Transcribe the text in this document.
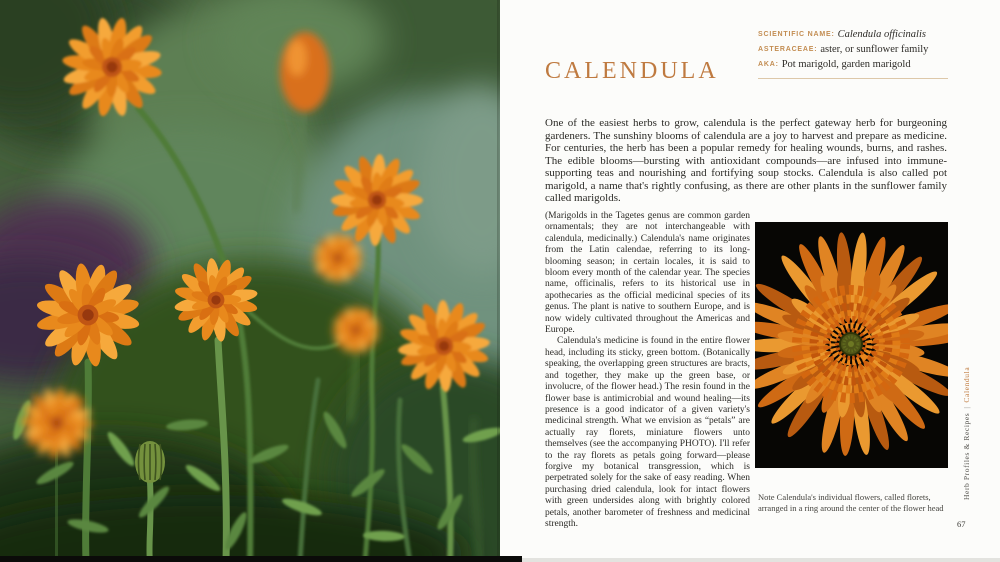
CALENDULA
SCIENTIFIC NAME: Calendula officinalis
ASTERACEAE: aster, or sunflower family
AKA: Pot marigold, garden marigold

One of the easiest herbs to grow, calendula is the perfect gateway herb for burgeoning gardeners. The sunshiny blooms of calendula are a joy to harvest and prepare as medicine. For centuries, the herb has been a popular remedy for healing wounds, burns, and rashes. The edible blooms—bursting with antioxidant compounds—are infused into immune-supporting teas and nourishing and fortifying soup stocks. Calendula is also called pot marigold, a name that's rightly confusing, as there are other plants in the sunflower family called marigolds.

(Marigolds in the Tagetes genus are common garden ornamentals; they are not interchangeable with calendula, medicinally.) Calendula's name originates from the Latin calendae, referring to its long-blooming season; in certain locales, it is said to bloom every month of the calendar year. The species name, officinalis, refers to its historical use in apothecaries as the official medicinal species of its genus. The plant is native to southern Europe, and is now widely cultivated throughout the Americas and Europe.

Calendula's medicine is found in the entire flower head, including its sticky, green bottom. (Botanically speaking, the overlapping green structures are bracts, and together, they make up the green base, or involucre, of the flower head.) The resin found in the flower base is antimicrobial and wound healing—its presence is a good indicator of a given variety's medicinal strength. What we envision as “petals” are actually ray florets, miniature flowers unto themselves (see the accompanying PHOTO). I'll refer to the ray florets as petals going forward—please forgive my botanical transgression, which is perpetrated solely for the sake of easy reading. When purchasing dried calendula, look for intact flowers with green undersides along with brightly colored petals, another barometer of freshness and medicinal strength.

Note Calendula's individual flowers, called florets, arranged in a ring around the center of the flower head

Herb Profiles & Recipes|Calendula
67
